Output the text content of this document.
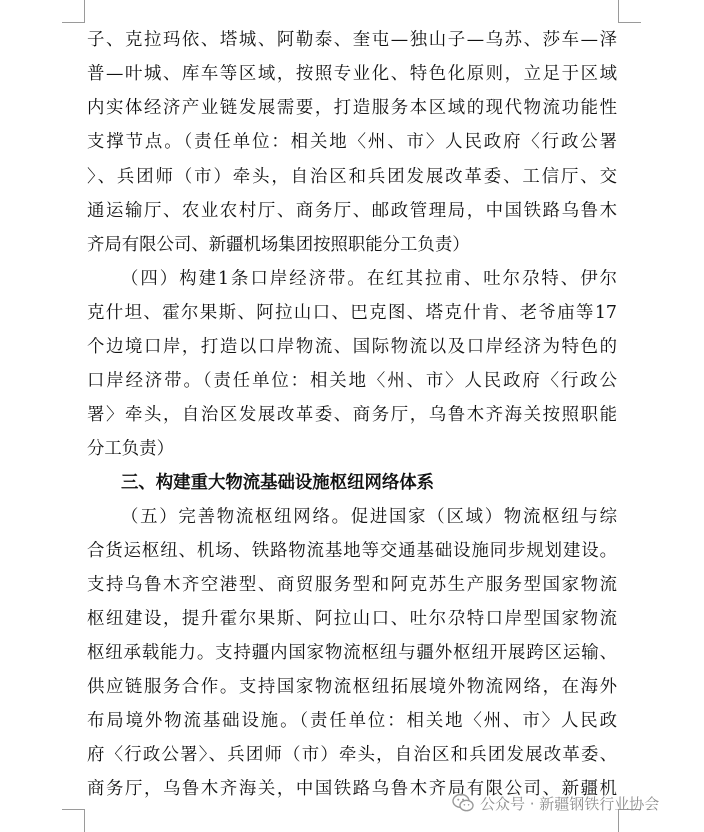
子、克拉玛依、塔城、阿勒泰、奎屯—独山子—乌苏、莎车—泽
普—叶城、库车等区域，按照专业化、特色化原则，立足于区域
内实体经济产业链发展需要，打造服务本区域的现代物流功能性
支撑节点。（责任单位：相关地〈州、市〉人民政府〈行政公署
〉、兵团师（市）牵头，自治区和兵团发展改革委、工信厅、交
通运输厅、农业农村厅、商务厅、邮政管理局，中国铁路乌鲁木
齐局有限公司、新疆机场集团按照职能分工负责）
（四）构建1条口岸经济带。在红其拉甫、吐尔尕特、伊尔
克什坦、霍尔果斯、阿拉山口、巴克图、塔克什肯、老爷庙等17
个边境口岸，打造以口岸物流、国际物流以及口岸经济为特色的
口岸经济带。（责任单位：相关地〈州、市〉人民政府〈行政公
署〉牵头，自治区发展改革委、商务厅，乌鲁木齐海关按照职能
分工负责）
三、构建重大物流基础设施枢纽网络体系
（五）完善物流枢纽网络。促进国家（区域）物流枢纽与综
合货运枢纽、机场、铁路物流基地等交通基础设施同步规划建设。
支持乌鲁木齐空港型、商贸服务型和阿克苏生产服务型国家物流
枢纽建设，提升霍尔果斯、阿拉山口、吐尔尕特口岸型国家物流
枢纽承载能力。支持疆内国家物流枢纽与疆外枢纽开展跨区运输、
供应链服务合作。支持国家物流枢纽拓展境外物流网络，在海外
布局境外物流基础设施。（责任单位：相关地〈州、市〉人民政
府〈行政公署〉、兵团师（市）牵头，自治区和兵团发展改革委、
商务厅，乌鲁木齐海关，中国铁路乌鲁木齐局有限公司、新疆机
公众号 · 新疆钢铁行业协会
